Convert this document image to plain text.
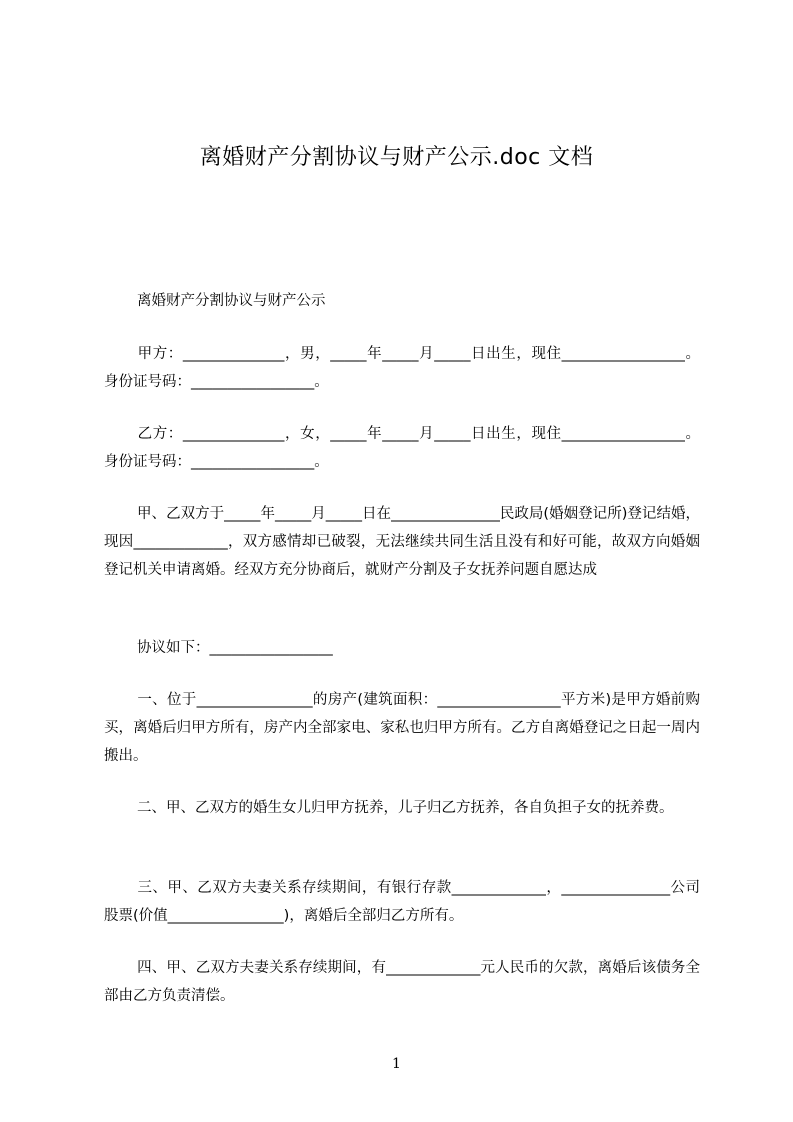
离婚财产分割协议与财产公示.doc 文档
离婚财产分割协议与财产公示
甲方：______________，男，_____年_____月_____日出生，现住_________________。身份证号码：_________________。
乙方：______________，女，_____年_____月_____日出生，现住_________________。身份证号码：_________________。
甲、乙双方于_____年_____月_____日在_______________民政局(婚姻登记所)登记结婚，现因_____________，双方感情却已破裂，无法继续共同生活且没有和好可能，故双方向婚姻登记机关申请离婚。经双方充分协商后，就财产分割及子女抚养问题自愿达成
协议如下：_________________
一、位于________________的房产(建筑面积：_________________平方米)是甲方婚前购买，离婚后归甲方所有，房产内全部家电、家私也归甲方所有。乙方自离婚登记之日起一周内搬出。
二、甲、乙双方的婚生女儿归甲方抚养，儿子归乙方抚养，各自负担子女的抚养费。
三、甲、乙双方夫妻关系存续期间，有银行存款_____________，_______________公司股票(价值________________)，离婚后全部归乙方所有。
四、甲、乙双方夫妻关系存续期间，有_____________元人民币的欠款，离婚后该债务全部由乙方负责清偿。
1
